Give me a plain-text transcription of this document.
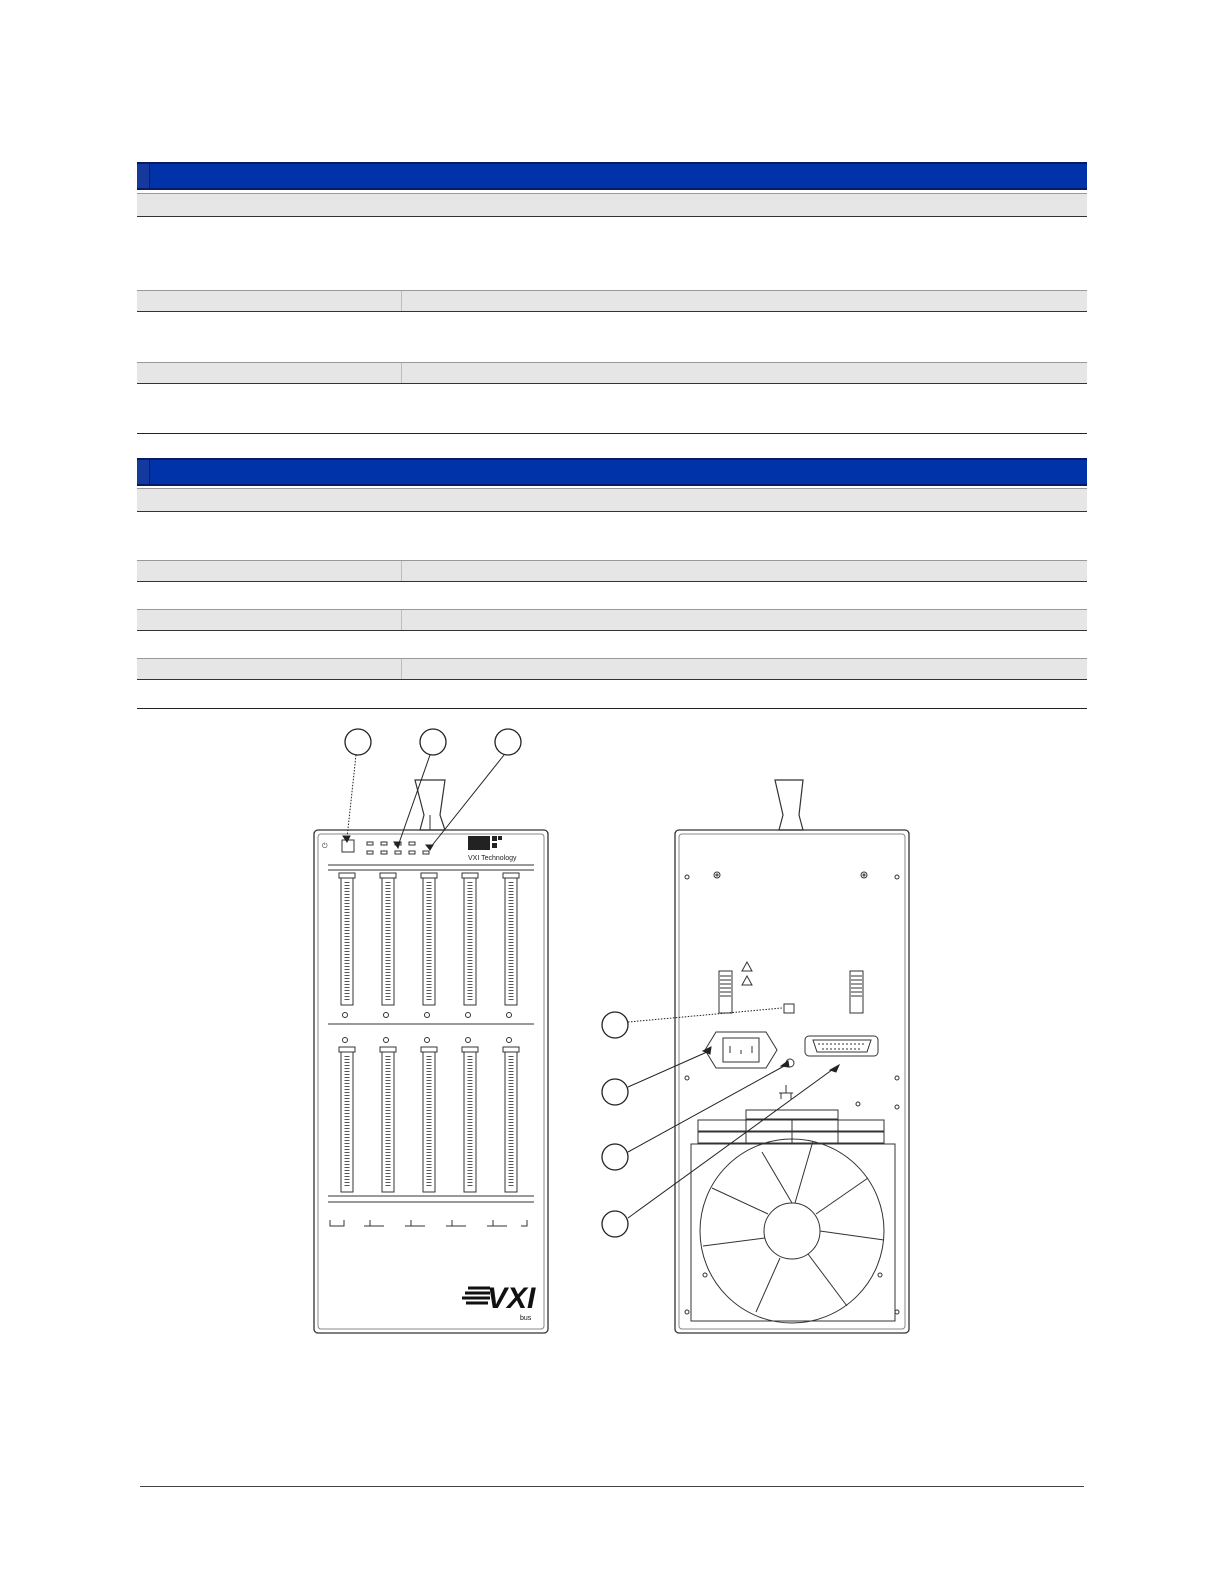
⏻
VXI Technology
VXI
bus
